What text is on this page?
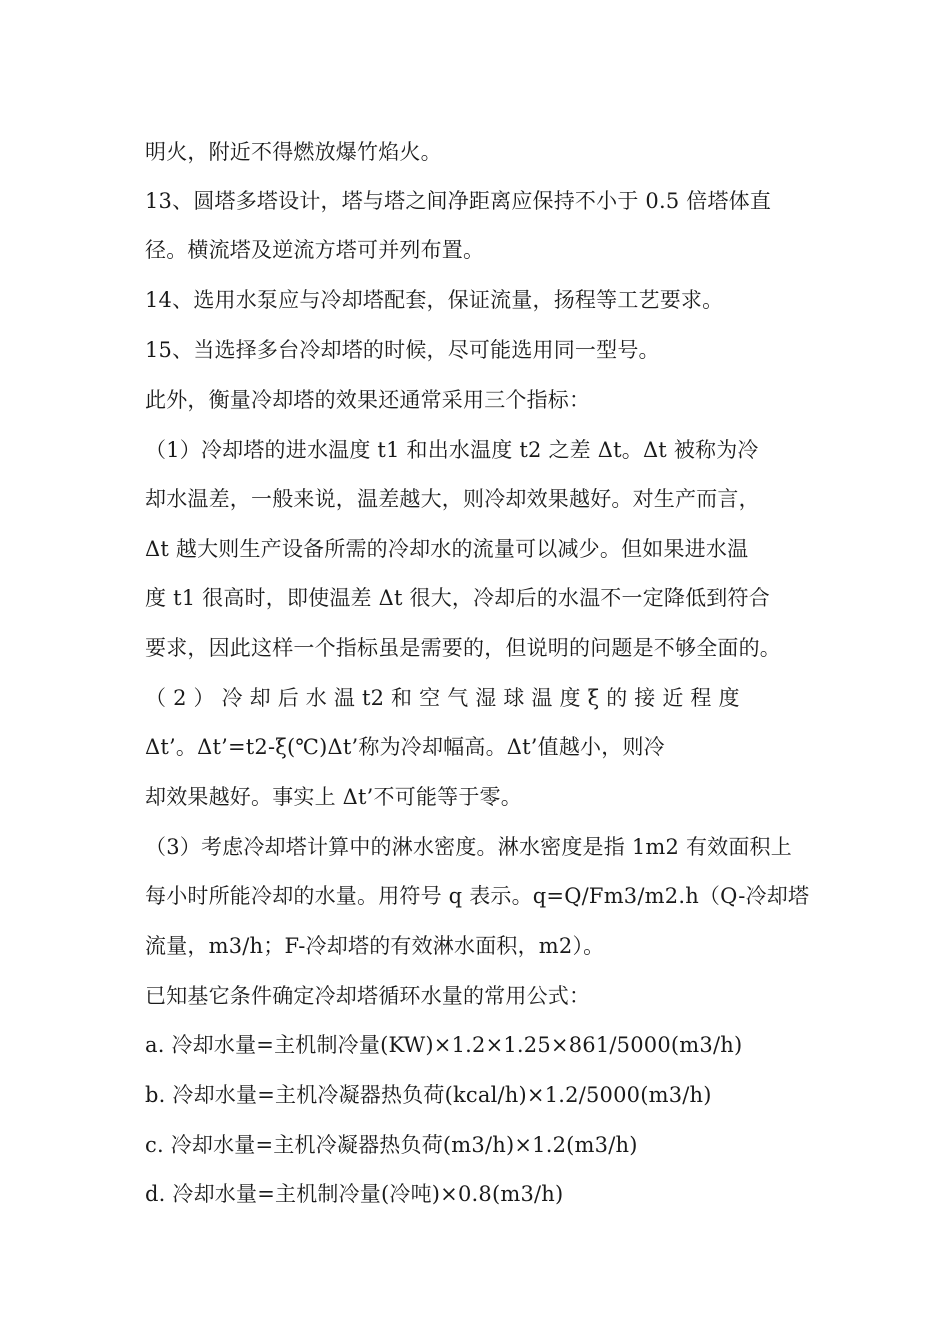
明火，附近不得燃放爆竹焰火。
13、圆塔多塔设计，塔与塔之间净距离应保持不小于 0.5 倍塔体直
径。横流塔及逆流方塔可并列布置。
14、选用水泵应与冷却塔配套，保证流量，扬程等工艺要求。
15、当选择多台冷却塔的时候，尽可能选用同一型号。
此外，衡量冷却塔的效果还通常采用三个指标：
（1）冷却塔的进水温度 t1 和出水温度 t2 之差 Δt。Δt 被称为冷
却水温差，一般来说，温差越大，则冷却效果越好。对生产而言，
Δt 越大则生产设备所需的冷却水的流量可以减少。但如果进水温
度 t1 很高时，即使温差 Δt 很大，冷却后的水温不一定降低到符合
要求，因此这样一个指标虽是需要的，但说明的问题是不够全面的。
（ 2 ） 冷 却 后 水 温 t2 和 空 气 湿 球 温 度 ξ 的 接 近 程 度
Δt’。Δt’=t2-ξ(℃)Δt’称为冷却幅高。Δt’值越小，则冷
却效果越好。事实上 Δt’不可能等于零。
（3）考虑冷却塔计算中的淋水密度。淋水密度是指 1m2 有效面积上
每小时所能冷却的水量。用符号 q 表示。q=Q/Fm3/m2.h（Q-冷却塔
流量，m3/h；F-冷却塔的有效淋水面积，m2）。
已知基它条件确定冷却塔循环水量的常用公式：
a. 冷却水量=主机制冷量(KW)×1.2×1.25×861/5000(m3/h)
b. 冷却水量=主机冷凝器热负荷(kcal/h)×1.2/5000(m3/h)
c. 冷却水量=主机冷凝器热负荷(m3/h)×1.2(m3/h)
d. 冷却水量=主机制冷量(冷吨)×0.8(m3/h)
